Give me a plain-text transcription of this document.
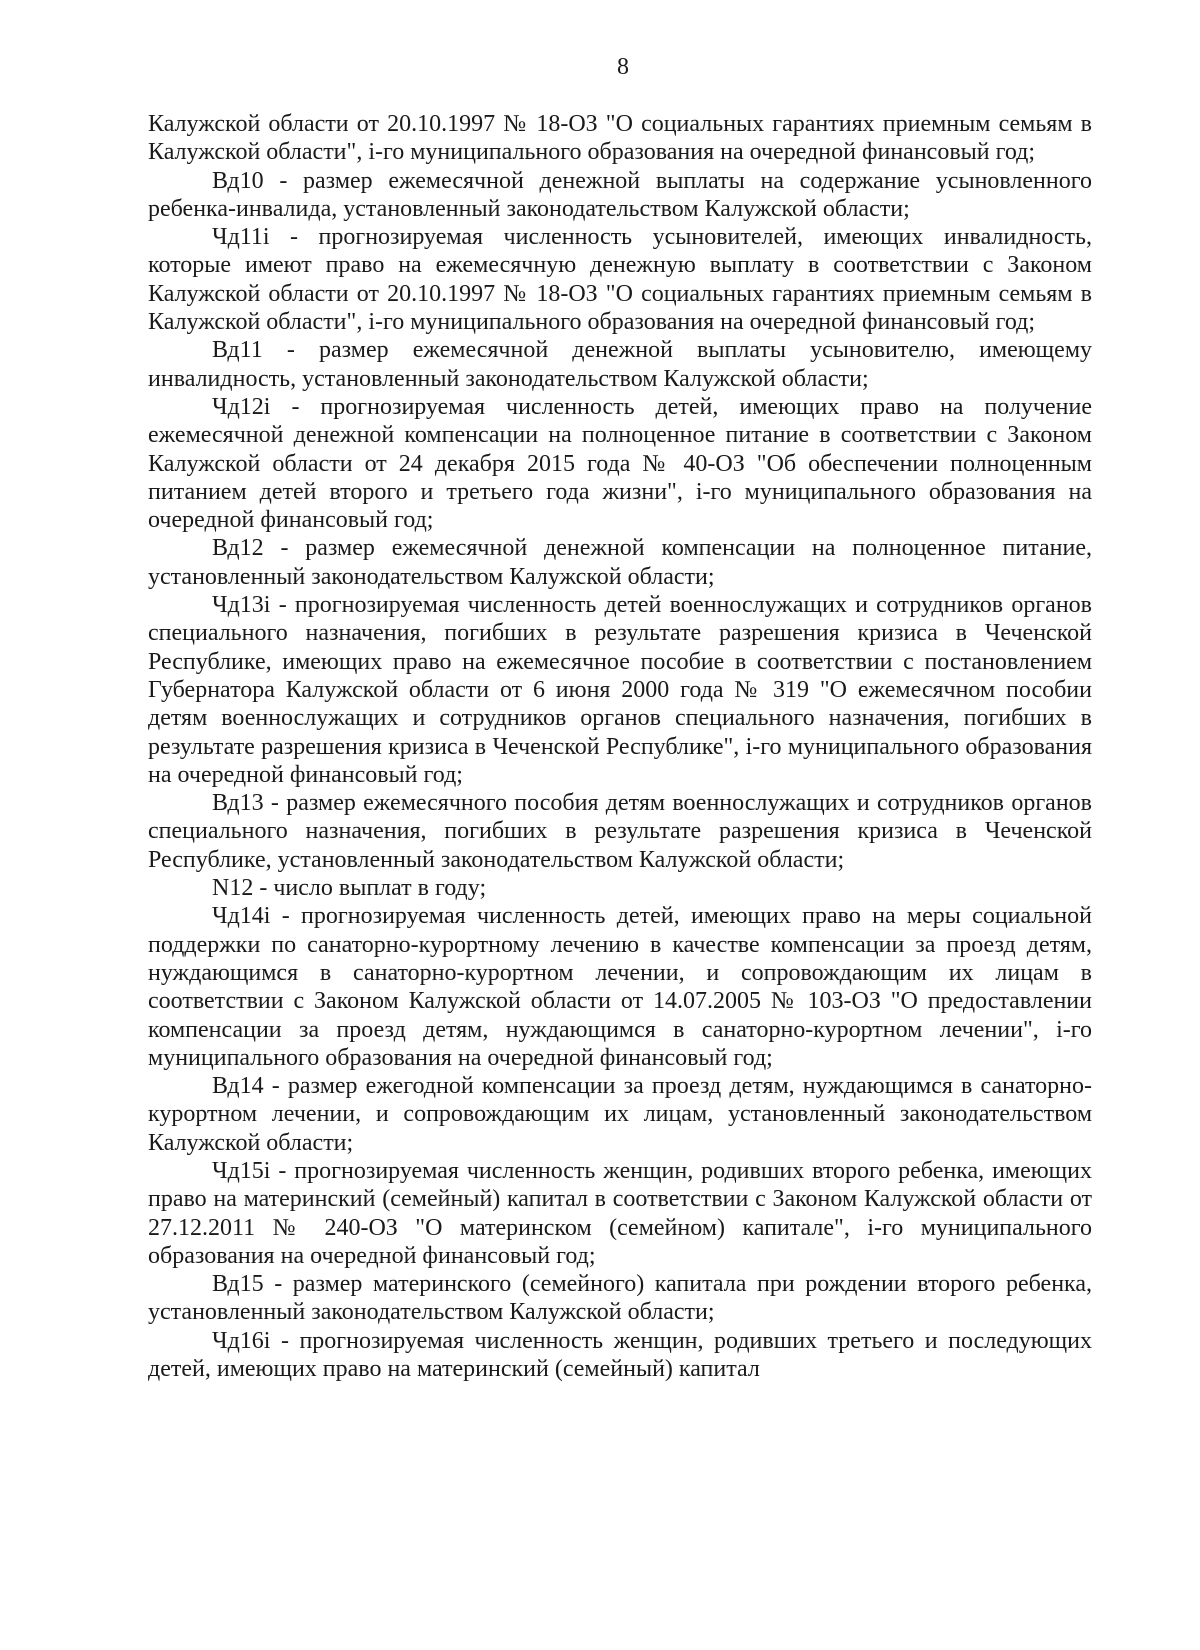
8

Калужской области от 20.10.1997 № 18-ОЗ "О социальных гарантиях приемным семьям в Калужской области", i-го муниципального образования на очередной финансовый год;

Вд10 - размер ежемесячной денежной выплаты на содержание усыновленного ребенка-инвалида, установленный законодательством Калужской области;

Чд11i - прогнозируемая численность усыновителей, имеющих инвалидность, которые имеют право на ежемесячную денежную выплату в соответствии с Законом Калужской области от 20.10.1997 № 18-ОЗ "О социальных гарантиях приемным семьям в Калужской области", i-го муниципального образования на очередной финансовый год;

Вд11 - размер ежемесячной денежной выплаты усыновителю, имеющему инвалидность, установленный законодательством Калужской области;

Чд12i - прогнозируемая численность детей, имеющих право на получение ежемесячной денежной компенсации на полноценное питание в соответствии с Законом Калужской области от 24 декабря 2015 года № 40-ОЗ "Об обеспечении полноценным питанием детей второго и третьего года жизни", i-го муниципального образования на очередной финансовый год;

Вд12 - размер ежемесячной денежной компенсации на полноценное питание, установленный законодательством Калужской области;

Чд13i - прогнозируемая численность детей военнослужащих и сотрудников органов специального назначения, погибших в результате разрешения кризиса в Чеченской Республике, имеющих право на ежемесячное пособие в соответствии с постановлением Губернатора Калужской области от 6 июня 2000 года № 319 "О ежемесячном пособии детям военнослужащих и сотрудников органов специального назначения, погибших в результате разрешения кризиса в Чеченской Республике", i-го муниципального образования на очередной финансовый год;

Вд13 - размер ежемесячного пособия детям военнослужащих и сотрудников органов специального назначения, погибших в результате разрешения кризиса в Чеченской Республике, установленный законодательством Калужской области;

N12 - число выплат в году;

Чд14i - прогнозируемая численность детей, имеющих право на меры социальной поддержки по санаторно-курортному лечению в качестве компенсации за проезд детям, нуждающимся в санаторно-курортном лечении, и сопровождающим их лицам в соответствии с Законом Калужской области от 14.07.2005 № 103-ОЗ "О предоставлении компенсации за проезд детям, нуждающимся в санаторно-курортном лечении", i-го муниципального образования на очередной финансовый год;

Вд14 - размер ежегодной компенсации за проезд детям, нуждающимся в санаторно-курортном лечении, и сопровождающим их лицам, установленный законодательством Калужской области;

Чд15i - прогнозируемая численность женщин, родивших второго ребенка, имеющих право на материнский (семейный) капитал в соответствии с Законом Калужской области от 27.12.2011 № 240-ОЗ "О материнском (семейном) капитале", i-го муниципального образования на очередной финансовый год;

Вд15 - размер материнского (семейного) капитала при рождении второго ребенка, установленный законодательством Калужской области;

Чд16i - прогнозируемая численность женщин, родивших третьего и последующих детей, имеющих право на материнский (семейный) капитал
